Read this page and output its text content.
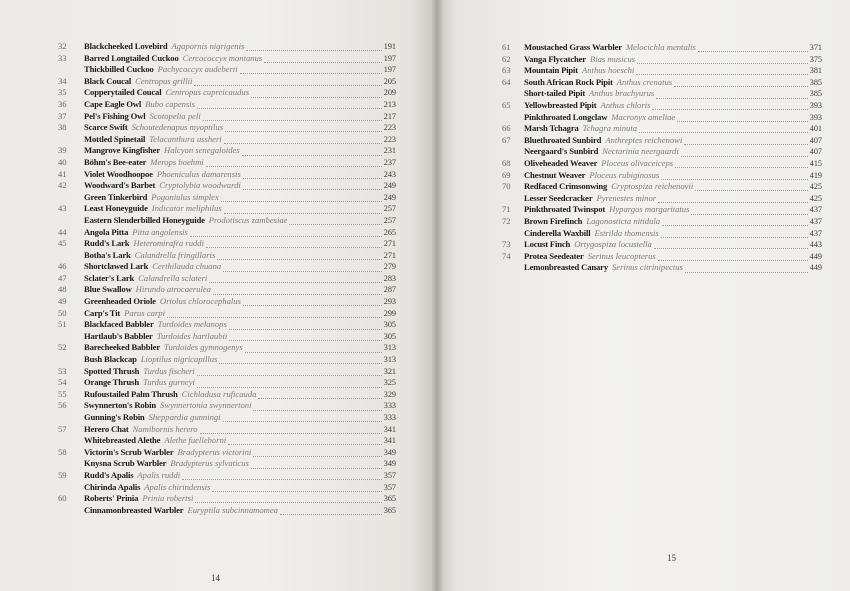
32	Blackcheeked Lovebird Agapornis nigrigenis	191
33	Barred Longtailed Cuckoo Cercococcyx montanus	197
Thickbilled Cuckoo Pachycoccyx audeberti	197
34	Black Coucal Centropus grillii	205
35	Copperytailed Coucal Centropus cupreicaudus	209
36	Cape Eagle Owl Bubo capensis	213
37	Pel's Fishing Owl Scotopelia peli	217
38	Scarce Swift Schoutedenapus myoptilus	223
Mottled Spinetail Telacanthura ussheri	223
39	Mangrove Kingfisher Halcyon senegaloides	231
40	Böhm's Bee-eater Merops boehmi	237
41	Violet Woodhoopoe Phoeniculus damarensis	243
42	Woodward's Barbet Cryptolybia woodwardi	249
Green Tinkerbird Pogoniulus simplex	249
43	Least Honeyguide Indicator meliphilus	257
Eastern Slenderbilled Honeyguide Prodotiscus zambesiae	257
44	Angola Pitta Pitta angolensis	265
45	Rudd's Lark Heteromirafra ruddi	271
Botha's Lark Calandrella fringillaris	271
46	Shortclawed Lark Certhilauda chuana	279
47	Sclater's Lark Calandrella sclateri	283
48	Blue Swallow Hirundo atrocaerulea	287
49	Greenheaded Oriole Oriolus chlorocephalus	293
50	Carp's Tit Parus carpi	299
51	Blackfaced Babbler Turdoides melanops	305
Hartlaub's Babbler Turdoides hartlaubii	305
52	Barecheeked Babbler Turdoides gymnogenys	313
Bush Blackcap Lioptilus nigricapillus	313
53	Spotted Thrush Turdus fischeri	321
54	Orange Thrush Turdus gurneyi	325
55	Rufoustailed Palm Thrush Cichladusa ruficauda	329
56	Swynnerton's Robin Swynnertonia swynnertoni	333
Gunning's Robin Sheppardia gunningi	333
57	Herero Chat Namibornis herero	341
Whitebreasted Alethe Alethe fuelleborni	341
58	Victorin's Scrub Warbler Bradypterus victorini	349
Knysna Scrub Warbler Bradypterus sylvaticus	349
59	Rudd's Apalis Apalis ruddi	357
Chirinda Apalis Apalis chirindensis	357
60	Roberts' Prinia Prinia robertsi	365
Cinnamonbreasted Warbler Euryptila subcinnamomea	365
14
61	Moustached Grass Warbler Melocichla mentalis	371
62	Vanga Flycatcher Bias musicus	375
63	Mountain Pipit Anthus hoeschi	381
64	South African Rock Pipit Anthus crenatus	385
Short-tailed Pipit Anthus brachyurus	385
65	Yellowbreasted Pipit Anthus chloris	393
Pinkthroated Longclaw Macronyx ameliae	393
66	Marsh Tchagra Tchagra minuta	401
67	Bluethroated Sunbird Anthreptes reichenowi	407
Neergaard's Sunbird Nectarinia neergaardi	407
68	Oliveheaded Weaver Ploceus olivaceiceps	415
69	Chestnut Weaver Ploceus rubiginosus	419
70	Redfaced Crimsonwing Cryptospiza reichenovii	425
Lesser Seedcracker Pyrenestes minor	425
71	Pinkthroated Twinspot Hypargos margaritatus	437
72	Brown Firefinch Lagonosticta nitidula	437
Cinderella Waxbill Estrilda thomensis	437
73	Locust Finch Ortygospiza locustella	443
74	Protea Seedeater Serinus leucopterus	449
Lemonbreasted Canary Serinus citrinipectus	449
15
